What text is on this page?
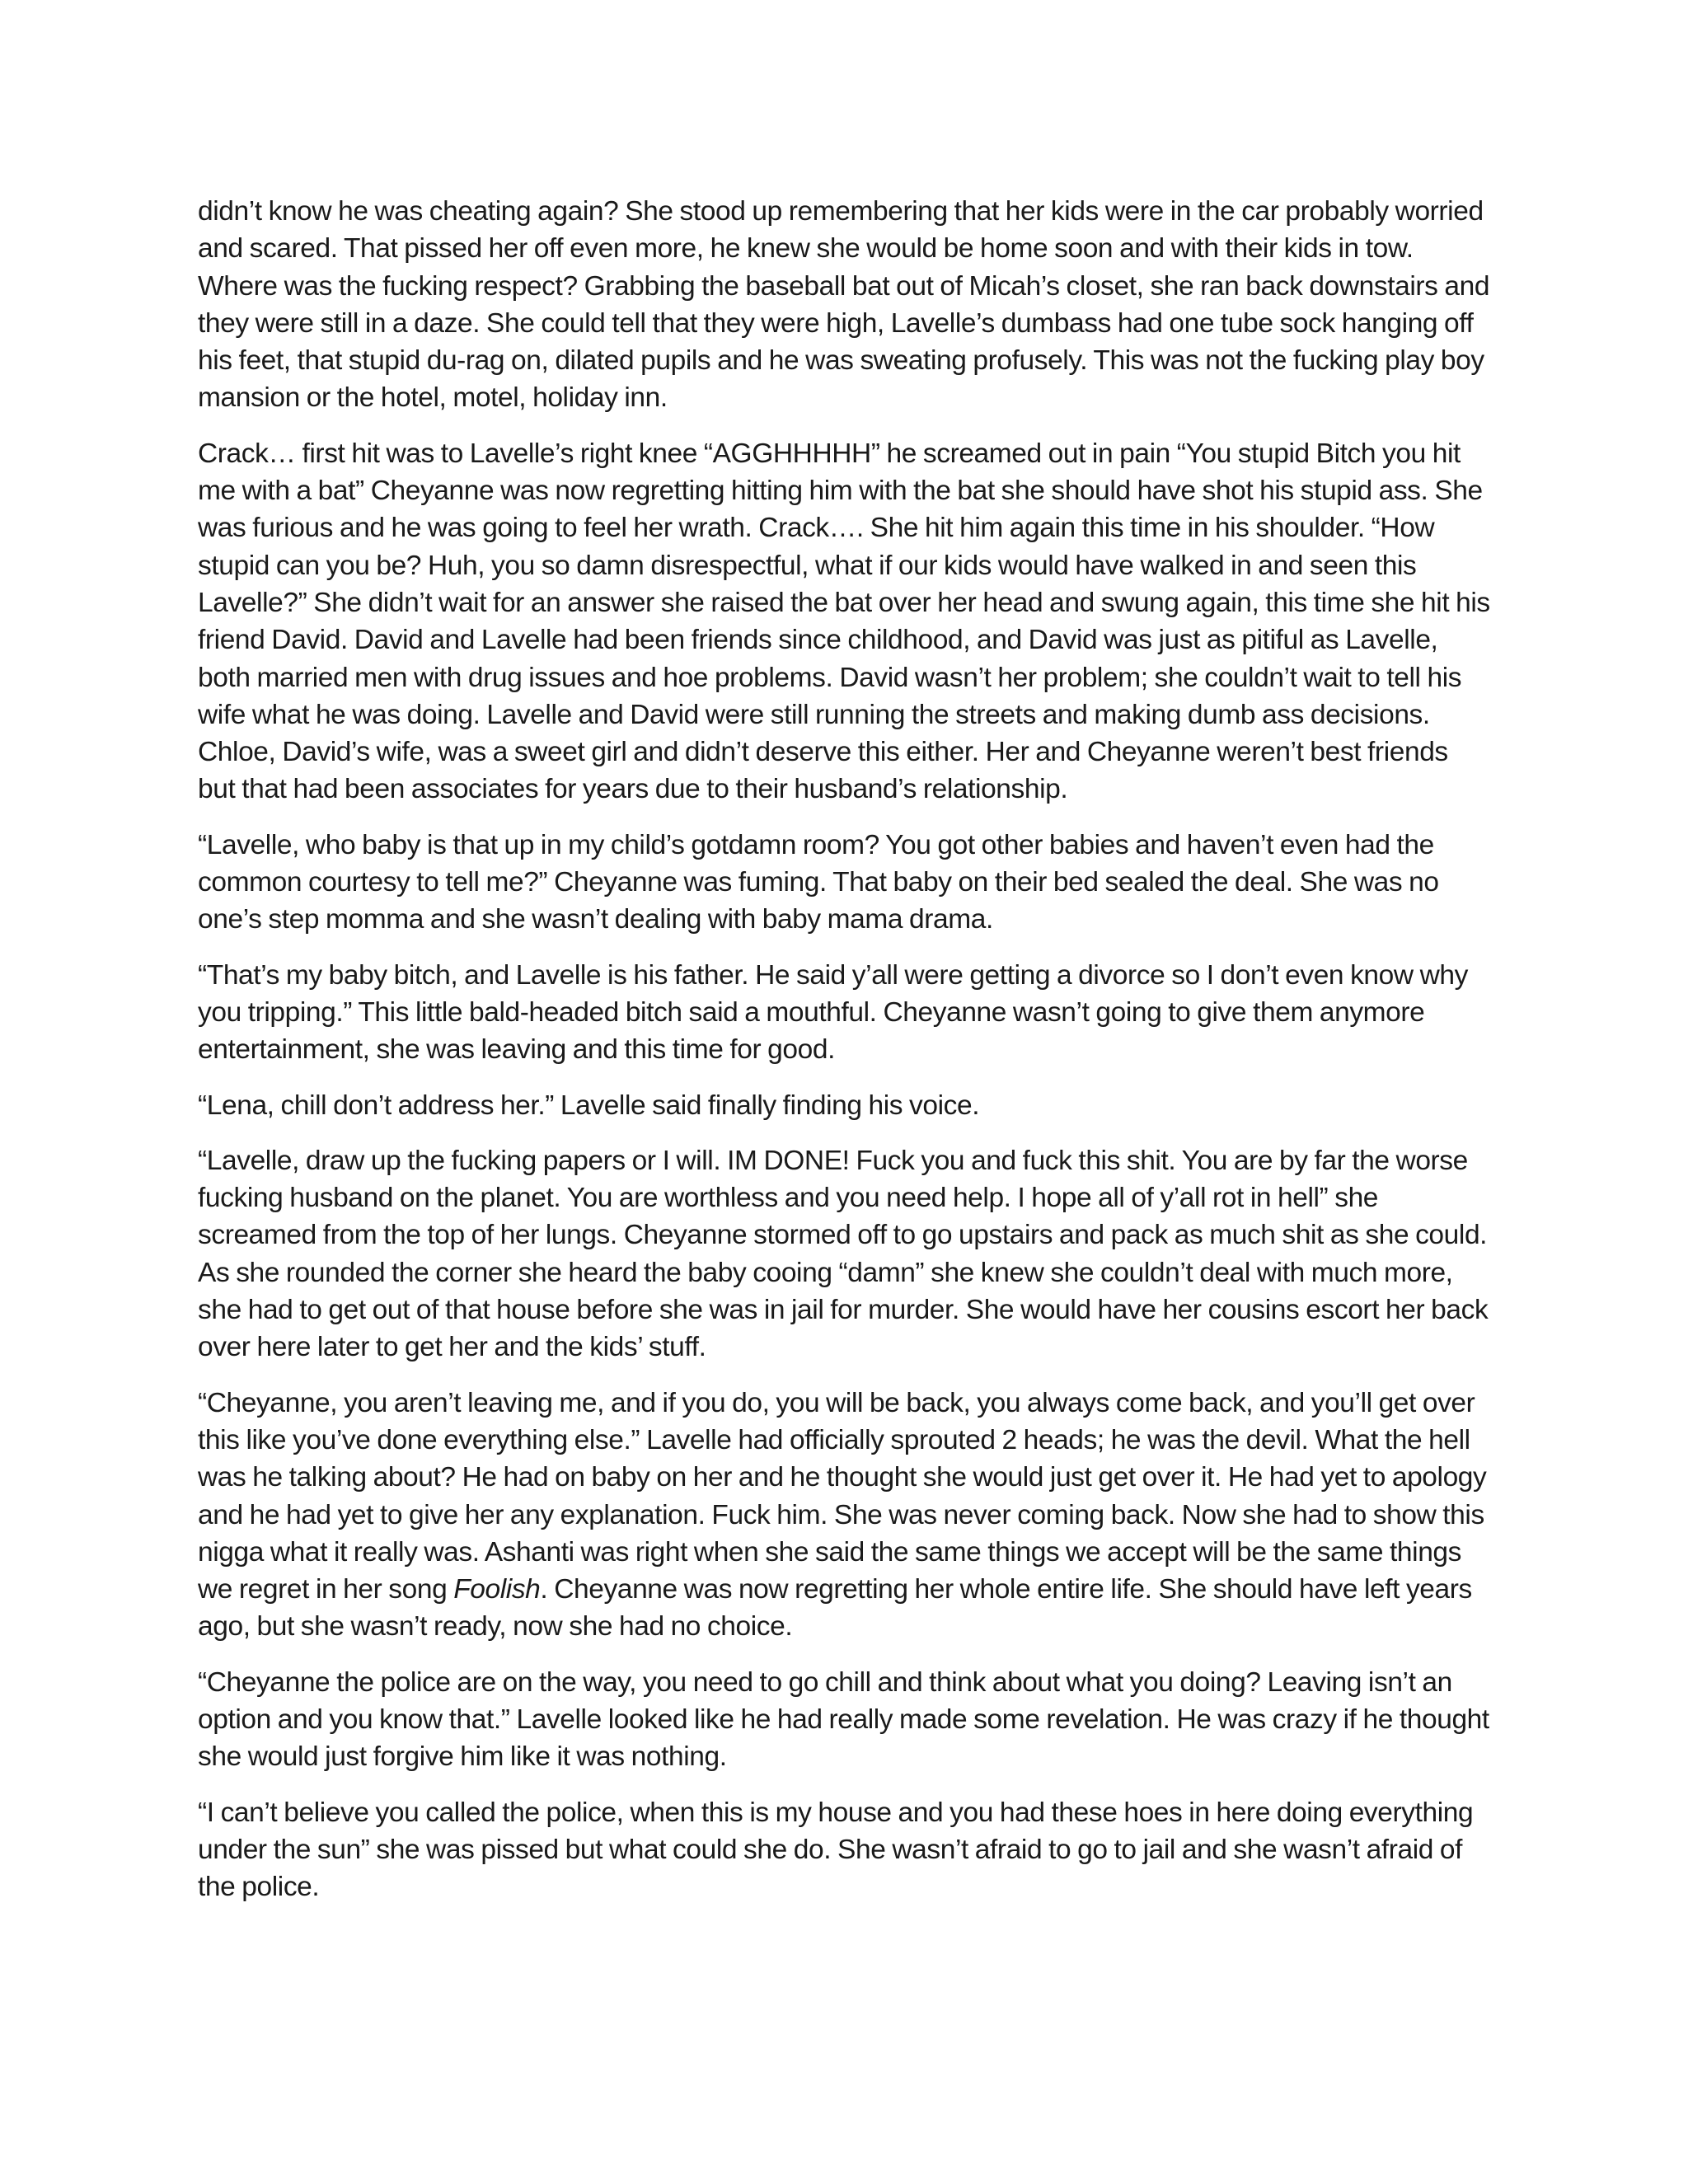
didn’t know he was cheating again? She stood up remembering that her kids were in the car probably worried and scared. That pissed her off even more, he knew she would be home soon and with their kids in tow. Where was the fucking respect? Grabbing the baseball bat out of Micah’s closet, she ran back downstairs and they were still in a daze. She could tell that they were high, Lavelle’s dumbass had one tube sock hanging off his feet, that stupid du-rag on, dilated pupils and he was sweating profusely. This was not the fucking play boy mansion or the hotel, motel, holiday inn.

Crack… first hit was to Lavelle’s right knee “AGGHHHHH” he screamed out in pain “You stupid Bitch you hit me with a bat” Cheyanne was now regretting hitting him with the bat she should have shot his stupid ass. She was furious and he was going to feel her wrath. Crack…. She hit him again this time in his shoulder. “How stupid can you be? Huh, you so damn disrespectful, what if our kids would have walked in and seen this Lavelle?” She didn’t wait for an answer she raised the bat over her head and swung again, this time she hit his friend David. David and Lavelle had been friends since childhood, and David was just as pitiful as Lavelle, both married men with drug issues and hoe problems. David wasn’t her problem; she couldn’t wait to tell his wife what he was doing. Lavelle and David were still running the streets and making dumb ass decisions. Chloe, David’s wife, was a sweet girl and didn’t deserve this either. Her and Cheyanne weren’t best friends but that had been associates for years due to their husband’s relationship.

“Lavelle, who baby is that up in my child’s gotdamn room? You got other babies and haven’t even had the common courtesy to tell me?” Cheyanne was fuming. That baby on their bed sealed the deal. She was no one’s step momma and she wasn’t dealing with baby mama drama.

“That’s my baby bitch, and Lavelle is his father. He said y’all were getting a divorce so I don’t even know why you tripping.” This little bald-headed bitch said a mouthful. Cheyanne wasn’t going to give them anymore entertainment, she was leaving and this time for good.

“Lena, chill don’t address her.” Lavelle said finally finding his voice.

“Lavelle, draw up the fucking papers or I will. IM DONE! Fuck you and fuck this shit. You are by far the worse fucking husband on the planet. You are worthless and you need help. I hope all of y’all rot in hell” she screamed from the top of her lungs. Cheyanne stormed off to go upstairs and pack as much shit as she could. As she rounded the corner she heard the baby cooing “damn” she knew she couldn’t deal with much more, she had to get out of that house before she was in jail for murder. She would have her cousins escort her back over here later to get her and the kids’ stuff.

“Cheyanne, you aren’t leaving me, and if you do, you will be back, you always come back, and you’ll get over this like you’ve done everything else.” Lavelle had officially sprouted 2 heads; he was the devil. What the hell was he talking about? He had on baby on her and he thought she would just get over it. He had yet to apology and he had yet to give her any explanation. Fuck him. She was never coming back. Now she had to show this nigga what it really was. Ashanti was right when she said the same things we accept will be the same things we regret in her song Foolish. Cheyanne was now regretting her whole entire life. She should have left years ago, but she wasn’t ready, now she had no choice.

“Cheyanne the police are on the way, you need to go chill and think about what you doing? Leaving isn’t an option and you know that.” Lavelle looked like he had really made some revelation. He was crazy if he thought she would just forgive him like it was nothing.

“I can’t believe you called the police, when this is my house and you had these hoes in here doing everything under the sun” she was pissed but what could she do. She wasn’t afraid to go to jail and she wasn’t afraid of the police.
